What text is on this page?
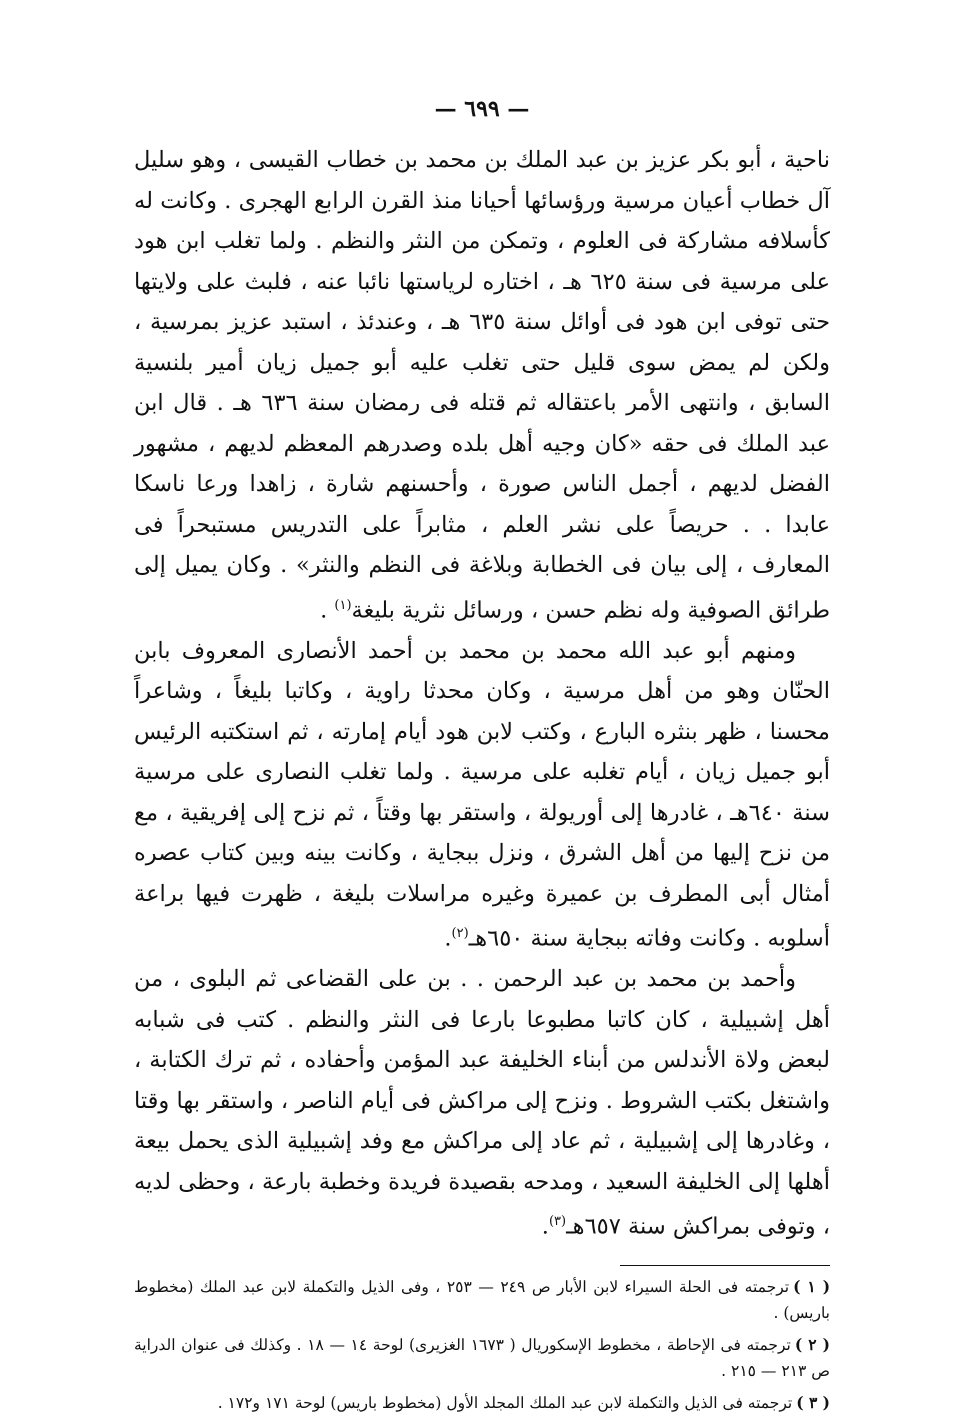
— ٦٩٩ —

ناحية ، أبو بكر عزيز بن عبد الملك بن محمد بن خطاب القيسى ، وهو سليل آل خطاب أعيان مرسية ورؤسائها أحيانا منذ القرن الرابع الهجرى . وكانت له كأسلافه مشاركة فى العلوم ، وتمكن من النثر والنظم . ولما تغلب ابن هود على مرسية فى سنة ٦٢٥ هـ ، اختاره لرياستها نائبا عنه ، فلبث على ولايتها حتى توفى ابن هود فى أوائل سنة ٦٣٥ هـ ، وعندئذ ، استبد عزيز بمرسية ، ولكن لم يمض سوى قليل حتى تغلب عليه أبو جميل زيان أمير بلنسية السابق ، وانتهى الأمر باعتقاله ثم قتله فى رمضان سنة ٦٣٦ هـ . قال ابن عبد الملك فى حقه «كان وجيه أهل بلده وصدرهم المعظم لديهم ، مشهور الفضل لديهم ، أجمل الناس صورة ، وأحسنهم شارة ، زاهدا ورعا ناسكا عابدا . . حريصاً على نشر العلم ، مثابراً على التدريس مستبحراً فى المعارف ، إلى بيان فى الخطابة وبلاغة فى النظم والنثر» . وكان يميل إلى طرائق الصوفية وله نظم حسن ، ورسائل نثرية بليغة$^{(١)}$ .

ومنهم أبو عبد الله محمد بن محمد بن أحمد الأنصارى المعروف بابن الحنّان وهو من أهل مرسية ، وكان محدثا راوية ، وكاتبا بليغاً ، وشاعراً محسنا ، ظهر بنثره البارع ، وكتب لابن هود أيام إمارته ، ثم استكتبه الرئيس أبو جميل زيان ، أيام تغلبه على مرسية . ولما تغلب النصارى على مرسية سنة ٦٤٠هـ ، غادرها إلى أوريولة ، واستقر بها وقتاً ، ثم نزح إلى إفريقية ، مع من نزح إليها من أهل الشرق ، ونزل ببجاية ، وكانت بينه وبين كتاب عصره أمثال أبى المطرف بن عميرة وغيره مراسلات بليغة ، ظهرت فيها براعة أسلوبه . وكانت وفاته ببجاية سنة ٦٥٠هـ$^{(٢)}$.

وأحمد بن محمد بن عبد الرحمن . . بن على القضاعى ثم البلوى ، من أهل إشبيلية ، كان كاتبا مطبوعا بارعا فى النثر والنظم . كتب فى شبابه لبعض ولاة الأندلس من أبناء الخليفة عبد المؤمن وأحفاده ، ثم ترك الكتابة ، واشتغل بكتب الشروط . ونزح إلى مراكش فى أيام الناصر ، واستقر بها وقتا ، وغادرها إلى إشبيلية ، ثم عاد إلى مراكش مع وفد إشبيلية الذى يحمل بيعة أهلها إلى الخليفة السعيد ، ومدحه بقصيدة فريدة وخطبة بارعة ، وحظى لديه ، وتوفى بمراكش سنة ٦٥٧هـ$^{(٣)}$.

( ١ )ترجمته فى الحلة السيراء لابن الأبار ص ٢٤٩ — ٢٥٣ ، وفى الذيل والتكملة لابن عبد الملك (مخطوط باريس) .

( ٢ )ترجمته فى الإحاطة ، مخطوط الإسكوريال ( ١٦٧٣ الغزيرى) لوحة ١٤ — ١٨ . وكذلك فى عنوان الدراية ص ٢١٣ — ٢١٥ .

( ٣ )ترجمته فى الذيل والتكملة لابن عبد الملك المجلد الأول (مخطوط باريس) لوحة ١٧١ و١٧٢ .
